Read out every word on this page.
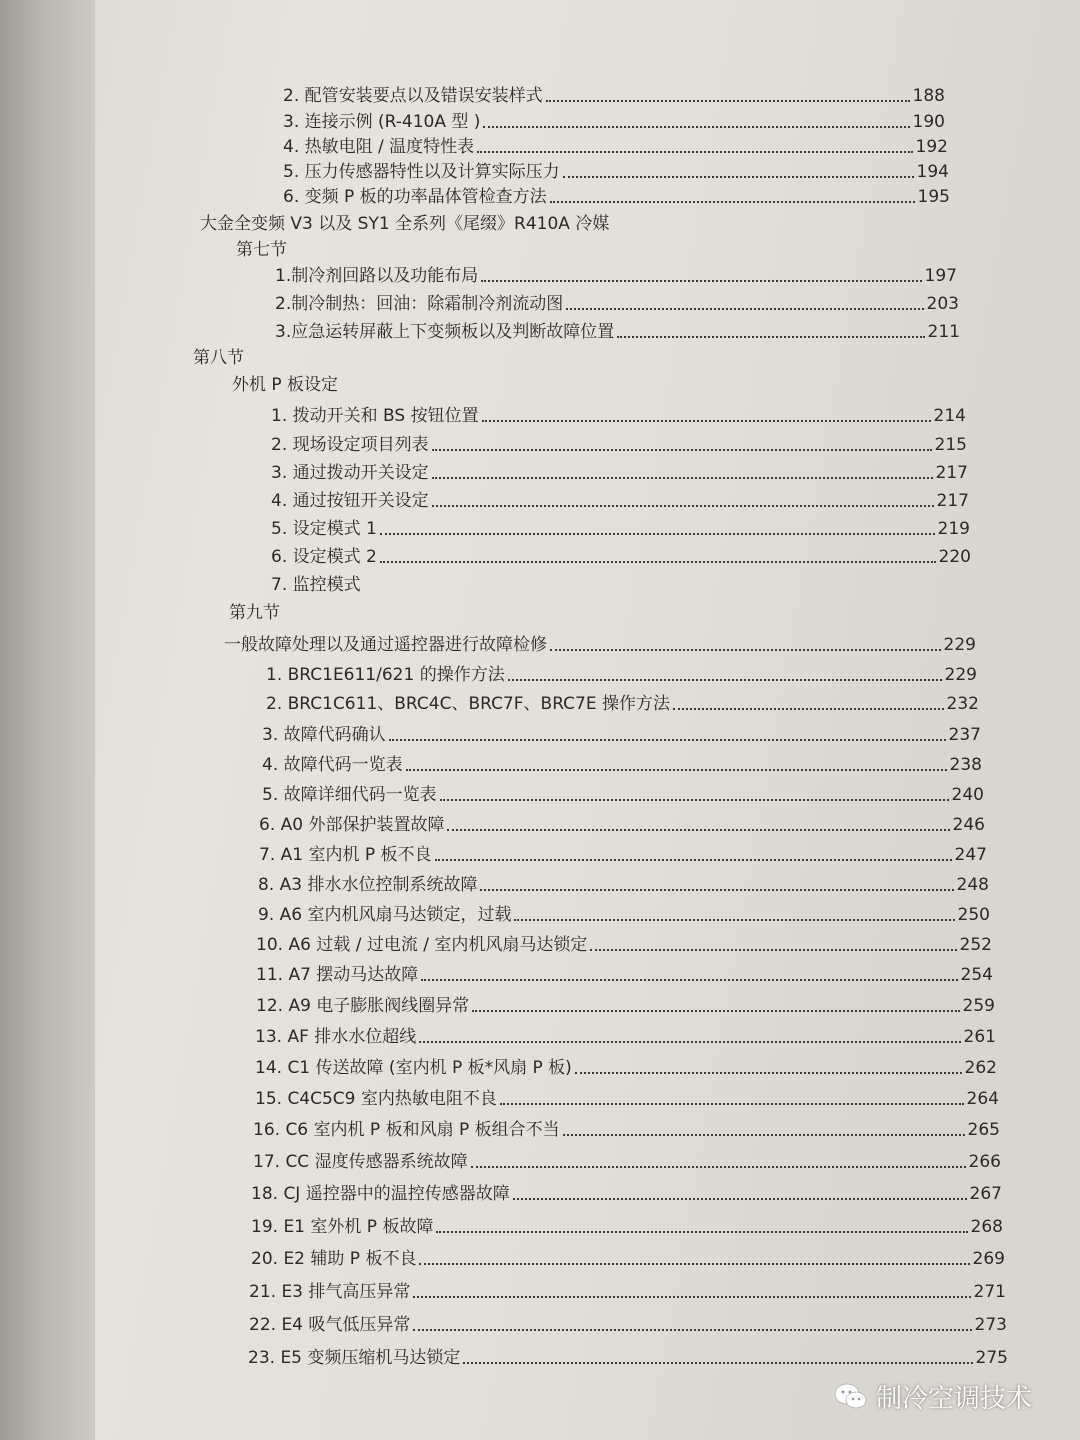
2. 配管安装要点以及错误安装样式	188
3. 连接示例 (R-410A 型 )	190
4. 热敏电阻 / 温度特性表	192
5. 压力传感器特性以及计算实际压力	194
6. 变频 P 板的功率晶体管检查方法	195
大金全变频 V3 以及 SY1 全系列《尾缀》R410A 冷媒
第七节
1.制冷剂回路以及功能布局	197
2.制冷制热：回油：除霜制冷剂流动图	203
3.应急运转屏蔽上下变频板以及判断故障位置	211
第八节
外机 P 板设定
1. 拨动开关和 BS 按钮位置	214
2. 现场设定项目列表	215
3. 通过拨动开关设定	217
4. 通过按钮开关设定	217
5. 设定模式 1	219
6. 设定模式 2	220
7. 监控模式
第九节
一般故障处理以及通过遥控器进行故障检修	229
1. BRC1E611/621 的操作方法	229
2. BRC1C611、BRC4C、BRC7F、BRC7E 操作方法	232
3. 故障代码确认	237
4. 故障代码一览表	238
5. 故障详细代码一览表	240
6. A0 外部保护装置故障	246
7. A1 室内机 P 板不良	247
8. A3 排水水位控制系统故障	248
9. A6 室内机风扇马达锁定，过载	250
10. A6 过载 / 过电流 / 室内机风扇马达锁定	252
11. A7 摆动马达故障	254
12. A9 电子膨胀阀线圈异常	259
13. AF 排水水位超线	261
14. C1 传送故障 (室内机 P 板*风扇 P 板)	262
15. C4C5C9 室内热敏电阻不良	264
16. C6 室内机 P 板和风扇 P 板组合不当	265
17. CC 湿度传感器系统故障	266
18. CJ 遥控器中的温控传感器故障	267
19. E1 室外机 P 板故障	268
20. E2 辅助 P 板不良	269
21. E3 排气高压异常	271
22. E4 吸气低压异常	273
23. E5 变频压缩机马达锁定	275
制冷空调技术
